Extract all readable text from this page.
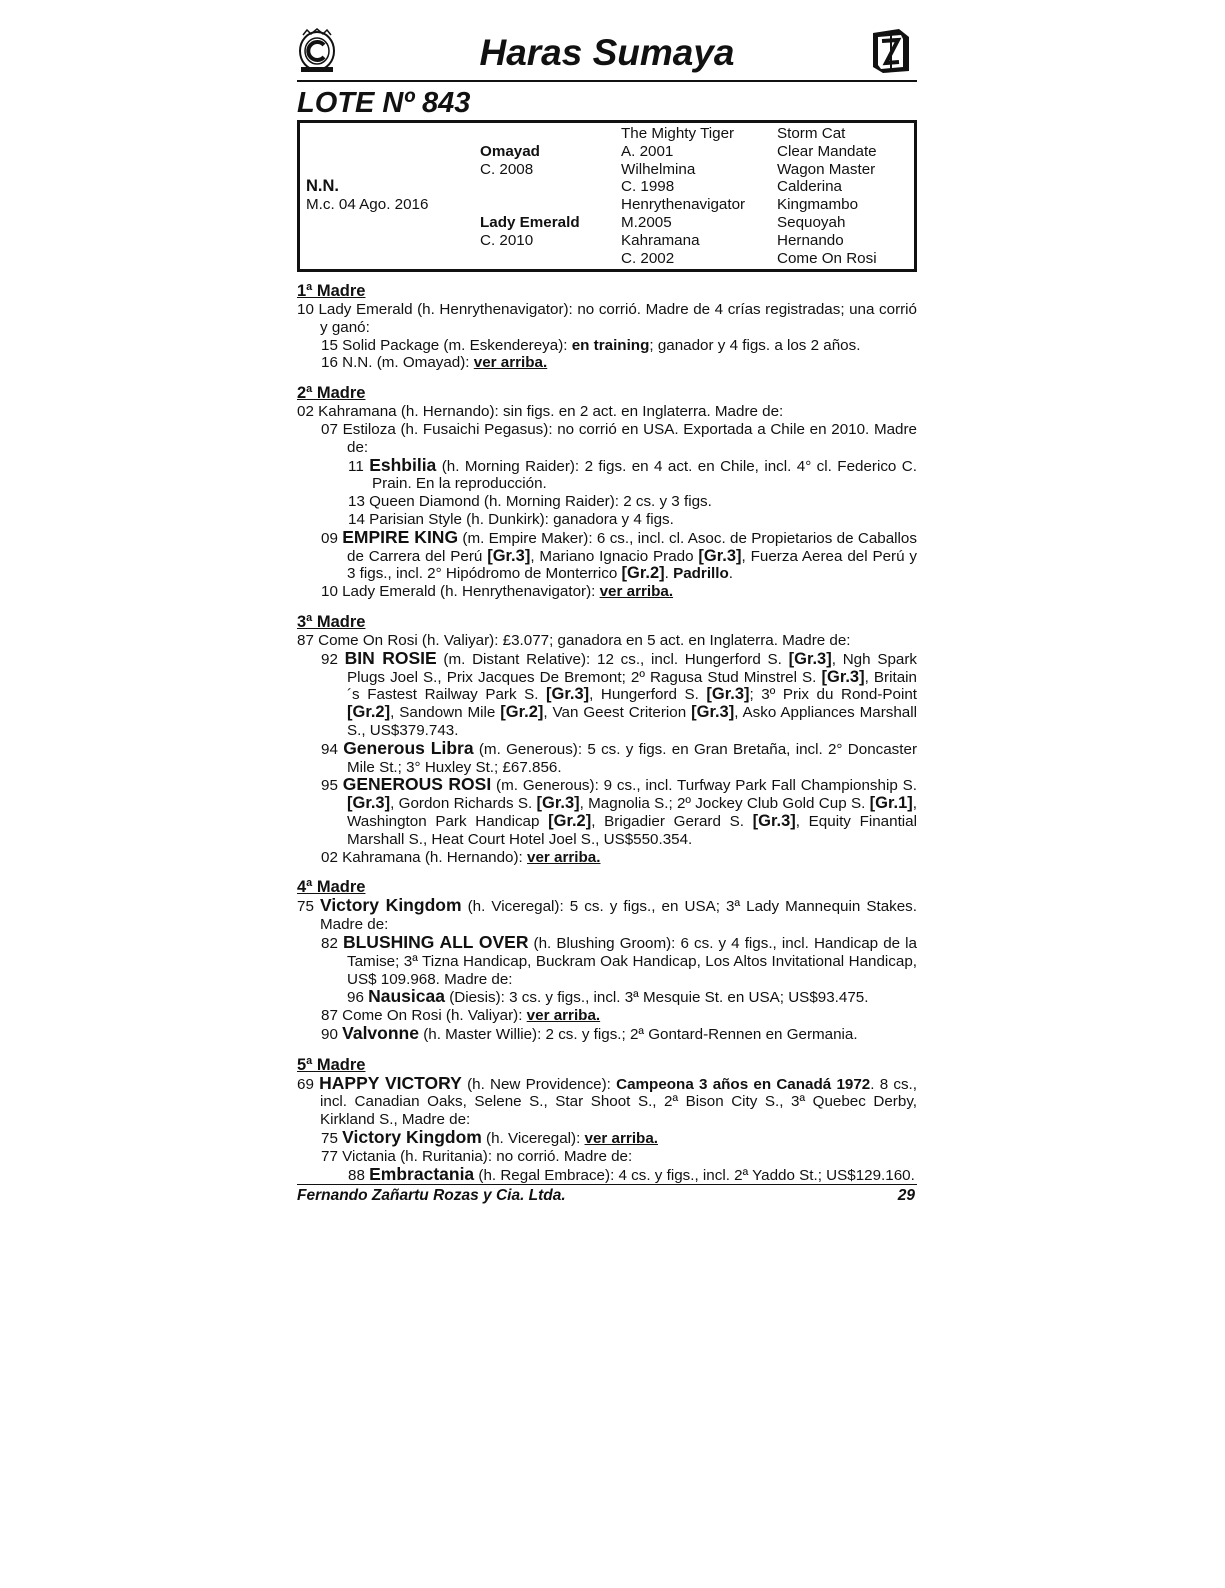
Haras Sumaya
LOTE Nº 843
N.N.
M.c. 04 Ago. 2016
Omayad
C. 2008
Lady Emerald
C. 2010
The Mighty Tiger
A. 2001
Wilhelmina
C. 1998
Henrythenavigator
M.2005
Kahramana
C. 2002
Storm Cat
Clear Mandate
Wagon Master
Calderina
Kingmambo
Sequoyah
Hernando
Come On Rosi
1ª Madre
10 Lady Emerald (h. Henrythenavigator): no corrió. Madre de 4 crías registradas; una corrió y ganó:
15 Solid Package (m. Eskendereya): en training; ganador y 4 figs. a los 2 años.
16 N.N. (m. Omayad): ver arriba.
2ª Madre
02 Kahramana (h. Hernando): sin figs. en 2 act. en Inglaterra. Madre de:
07 Estiloza (h. Fusaichi Pegasus): no corrió en USA. Exportada a Chile en 2010. Madre de:
11 Eshbilia (h. Morning Raider): 2 figs. en 4 act. en Chile, incl. 4° cl. Federico C. Prain. En la reproducción.
13 Queen Diamond (h. Morning Raider): 2 cs. y 3 figs.
14 Parisian Style (h. Dunkirk): ganadora y 4 figs.
09 EMPIRE KING (m. Empire Maker): 6 cs., incl. cl. Asoc. de Propietarios de Caballos de Carrera del Perú [Gr.3], Mariano Ignacio Prado [Gr.3], Fuerza Aerea del Perú y 3 figs., incl. 2° Hipódromo de Monterrico [Gr.2]. Padrillo.
10 Lady Emerald (h. Henrythenavigator): ver arriba.
3ª Madre
87 Come On Rosi (h. Valiyar): £3.077; ganadora en 5 act. en Inglaterra. Madre de:
92 BIN ROSIE (m. Distant Relative): 12 cs., incl. Hungerford S. [Gr.3], Ngh Spark Plugs Joel S., Prix Jacques De Bremont; 2º Ragusa Stud Minstrel S. [Gr.3], Britain´s Fastest Railway Park S. [Gr.3], Hungerford S. [Gr.3]; 3º Prix du Rond-Point [Gr.2], Sandown Mile [Gr.2], Van Geest Criterion [Gr.3], Asko Appliances Marshall S., US$379.743.
94 Generous Libra (m. Generous): 5 cs. y figs. en Gran Bretaña, incl. 2° Doncaster Mile St.; 3° Huxley St.; £67.856.
95 GENEROUS ROSI (m. Generous): 9 cs., incl. Turfway Park Fall Championship S. [Gr.3], Gordon Richards S. [Gr.3], Magnolia S.; 2º Jockey Club Gold Cup S. [Gr.1], Washington Park Handicap [Gr.2], Brigadier Gerard S. [Gr.3], Equity Finantial Marshall S., Heat Court Hotel Joel S., US$550.354.
02 Kahramana (h. Hernando): ver arriba.
4ª Madre
75 Victory Kingdom (h. Viceregal): 5 cs. y figs., en USA; 3ª Lady Mannequin Stakes. Madre de:
82 BLUSHING ALL OVER (h. Blushing Groom): 6 cs. y 4 figs., incl. Handicap de la Tamise; 3ª Tizna Handicap, Buckram Oak Handicap, Los Altos Invitational Handicap, US$ 109.968. Madre de:
96 Nausicaa (Diesis): 3 cs. y figs., incl. 3ª Mesquie St. en USA; US$93.475.
87 Come On Rosi (h. Valiyar): ver arriba.
90 Valvonne (h. Master Willie): 2 cs. y figs.; 2ª Gontard-Rennen en Germania.
5ª Madre
69 HAPPY VICTORY (h. New Providence): Campeona 3 años en Canadá 1972. 8 cs., incl. Canadian Oaks, Selene S., Star Shoot S., 2ª Bison City S., 3ª Quebec Derby, Kirkland S., Madre de:
75 Victory Kingdom (h. Viceregal): ver arriba.
77 Victania (h. Ruritania): no corrió. Madre de:
88 Embractania (h. Regal Embrace): 4 cs. y figs., incl. 2ª Yaddo St.; US$129.160.
Fernando Zañartu Rozas y Cia. Ltda.	29
